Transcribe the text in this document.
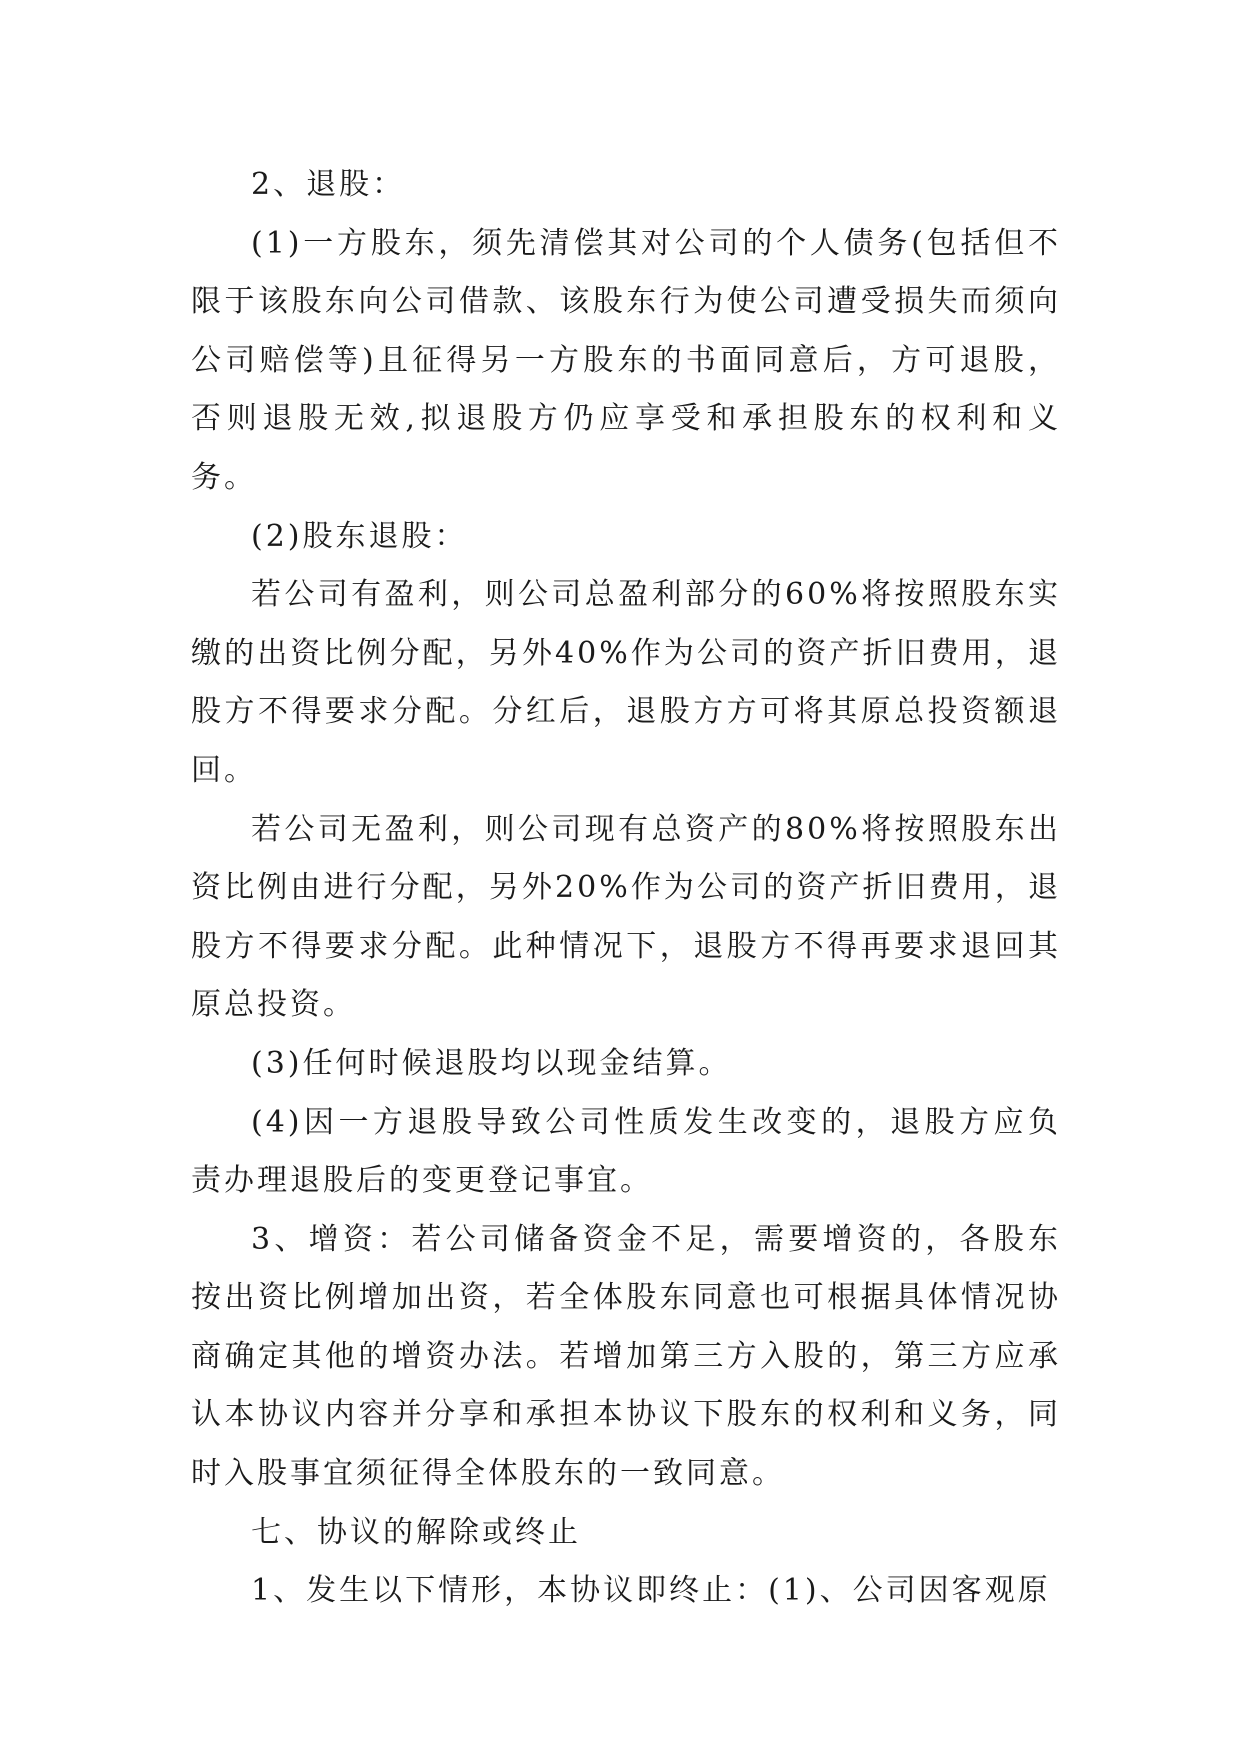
2、退股：

(1)一方股东，须先清偿其对公司的个人债务(包括但不限于该股东向公司借款、该股东行为使公司遭受损失而须向公司赔偿等)且征得另一方股东的书面同意后，方可退股，否则退股无效,拟退股方仍应享受和承担股东的权利和义务。

(2)股东退股：

若公司有盈利，则公司总盈利部分的60%将按照股东实缴的出资比例分配，另外40%作为公司的资产折旧费用，退股方不得要求分配。分红后，退股方方可将其原总投资额退回。

若公司无盈利，则公司现有总资产的80%将按照股东出资比例由进行分配，另外20%作为公司的资产折旧费用，退股方不得要求分配。此种情况下，退股方不得再要求退回其原总投资。

(3)任何时候退股均以现金结算。

(4)因一方退股导致公司性质发生改变的，退股方应负责办理退股后的变更登记事宜。

3、增资：若公司储备资金不足，需要增资的，各股东按出资比例增加出资，若全体股东同意也可根据具体情况协商确定其他的增资办法。若增加第三方入股的，第三方应承认本协议内容并分享和承担本协议下股东的权利和义务，同时入股事宜须征得全体股东的一致同意。

七、协议的解除或终止

1、发生以下情形，本协议即终止：(1)、公司因客观原
